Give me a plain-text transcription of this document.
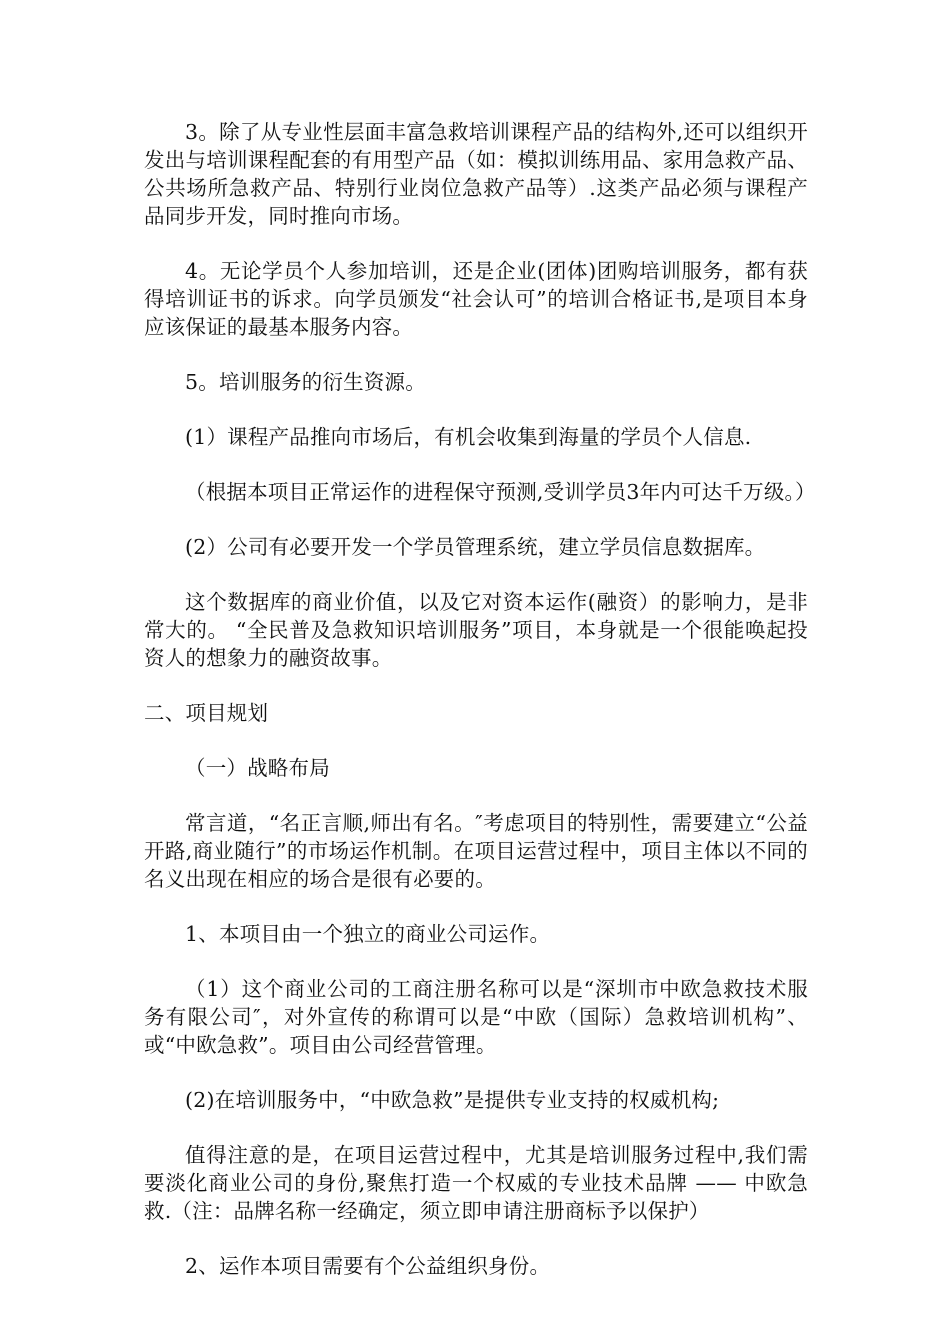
3。除了从专业性层面丰富急救培训课程产品的结构外,还可以组织开发出与培训课程配套的有用型产品（如：模拟训练用品、家用急救产品、公共场所急救产品、特别行业岗位急救产品等）.这类产品必须与课程产品同步开发，同时推向市场。

4。无论学员个人参加培训，还是企业(团体)团购培训服务，都有获得培训证书的诉求。向学员颁发“社会认可”的培训合格证书,是项目本身应该保证的最基本服务内容。

5。培训服务的衍生资源。

(1）课程产品推向市场后，有机会收集到海量的学员个人信息.

（根据本项目正常运作的进程保守预测,受训学员3年内可达千万级。）

(2）公司有必要开发一个学员管理系统，建立学员信息数据库。

这个数据库的商业价值，以及它对资本运作(融资）的影响力，是非常大的。 “全民普及急救知识培训服务”项目，本身就是一个很能唤起投资人的想象力的融资故事。

二、项目规划

（一）战略布局

常言道，“名正言顺,师出有名。″考虑项目的特别性，需要建立“公益开路,商业随行”的市场运作机制。在项目运营过程中，项目主体以不同的名义出现在相应的场合是很有必要的。

1、本项目由一个独立的商业公司运作。

（1）这个商业公司的工商注册名称可以是“深圳市中欧急救技术服务有限公司″，对外宣传的称谓可以是“中欧（国际）急救培训机构”、或“中欧急救”。项目由公司经营管理。

(2)在培训服务中，“中欧急救”是提供专业支持的权威机构;

值得注意的是，在项目运营过程中，尤其是培训服务过程中,我们需要淡化商业公司的身份,聚焦打造一个权威的专业技术品牌 —— 中欧急救.（注：品牌名称一经确定，须立即申请注册商标予以保护）

2、运作本项目需要有个公益组织身份。
